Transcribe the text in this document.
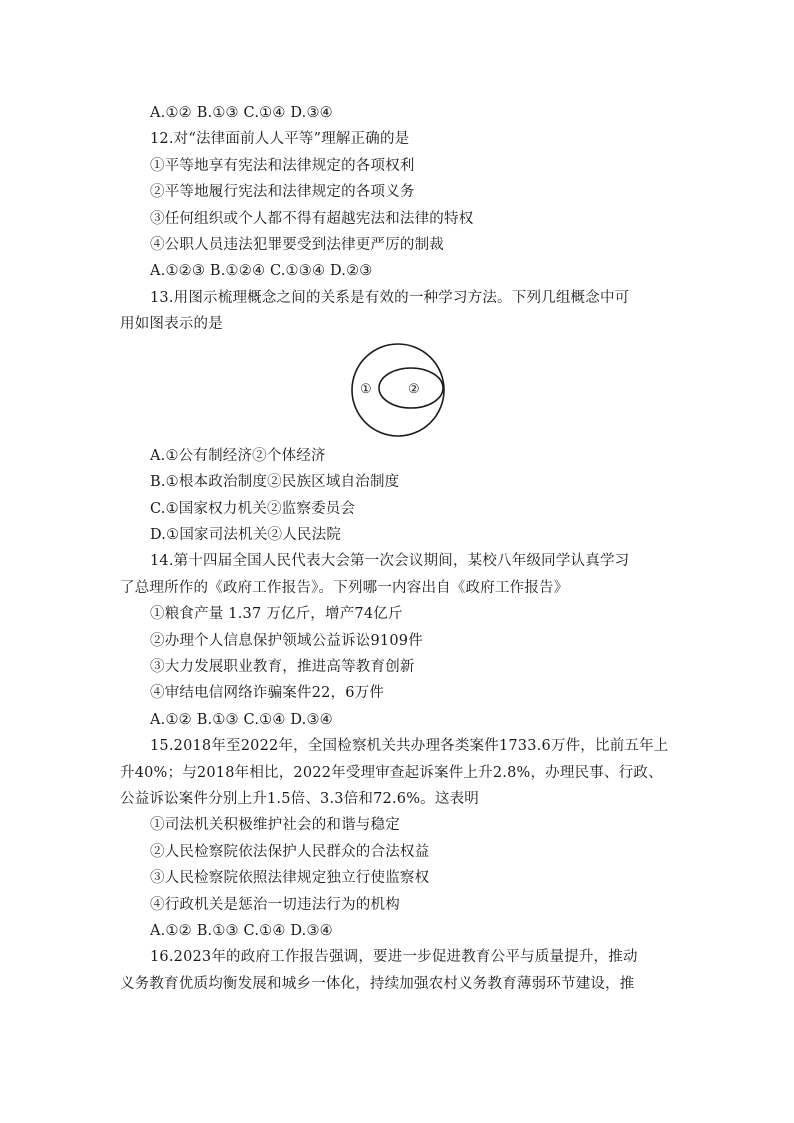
A.①② B.①③ C.①④ D.③④
12.对“法律面前人人平等”理解正确的是
①平等地享有宪法和法律规定的各项权利
②平等地履行宪法和法律规定的各项义务
③任何组织或个人都不得有超越宪法和法律的特权
④公职人员违法犯罪要受到法律更严厉的制裁
A.①②③ B.①②④ C.①③④ D.②③
13.用图示梳理概念之间的关系是有效的一种学习方法。下列几组概念中可
用如图表示的是
①	②
A.①公有制经济②个体经济
B.①根本政治制度②民族区域自治制度
C.①国家权力机关②监察委员会
D.①国家司法机关②人民法院
14.第十四届全国人民代表大会第一次会议期间，某校八年级同学认真学习
了总理所作的《政府工作报告》。下列哪一内容出自《政府工作报告》
①粮食产量 1.37 万亿斤，增产74亿斤
②办理个人信息保护领域公益诉讼9109件
③大力发展职业教育，推进高等教育创新
④审结电信网络诈骗案件22，6万件
A.①② B.①③ C.①④ D.③④
15.2018年至2022年，全国检察机关共办理各类案件1733.6万件，比前五年上
升40%；与2018年相比，2022年受理审查起诉案件上升2.8%，办理民事、行政、
公益诉讼案件分别上升1.5倍、3.3倍和72.6%。这表明
①司法机关积极维护社会的和谐与稳定
②人民检察院依法保护人民群众的合法权益
③人民检察院依照法律规定独立行使监察权
④行政机关是惩治一切违法行为的机构
A.①② B.①③ C.①④ D.③④
16.2023年的政府工作报告强调，要进一步促进教育公平与质量提升，推动
义务教育优质均衡发展和城乡一体化，持续加强农村义务教育薄弱环节建设，推
